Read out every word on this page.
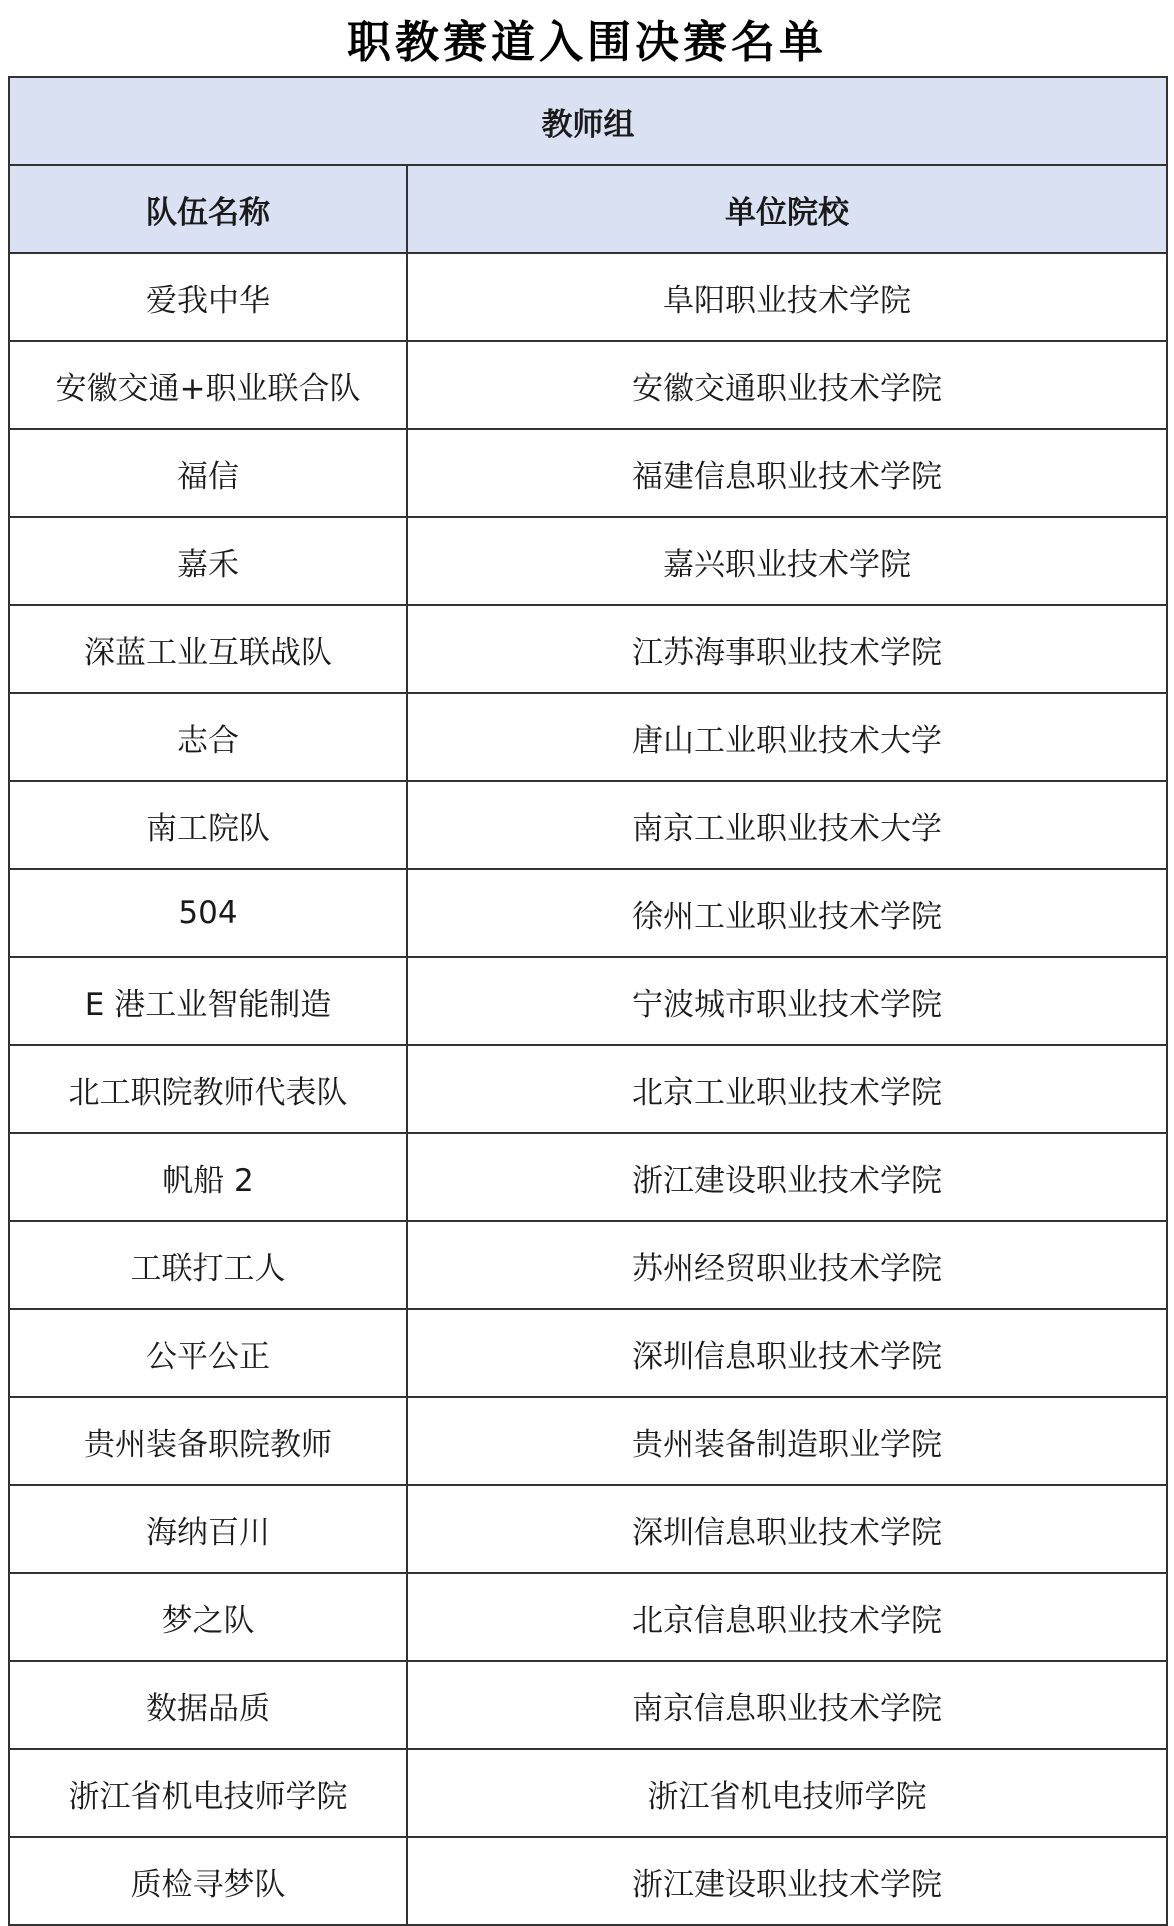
职教赛道入围决赛名单
教师组	
队伍名称	单位院校
爱我中华	阜阳职业技术学院
安徽交通+职业联合队	安徽交通职业技术学院
福信	福建信息职业技术学院
嘉禾	嘉兴职业技术学院
深蓝工业互联战队	江苏海事职业技术学院
志合	唐山工业职业技术大学
南工院队	南京工业职业技术大学
504	徐州工业职业技术学院
E 港工业智能制造	宁波城市职业技术学院
北工职院教师代表队	北京工业职业技术学院
帆船 2	浙江建设职业技术学院
工联打工人	苏州经贸职业技术学院
公平公正	深圳信息职业技术学院
贵州装备职院教师	贵州装备制造职业学院
海纳百川	深圳信息职业技术学院
梦之队	北京信息职业技术学院
数据品质	南京信息职业技术学院
浙江省机电技师学院	浙江省机电技师学院
质检寻梦队	浙江建设职业技术学院
